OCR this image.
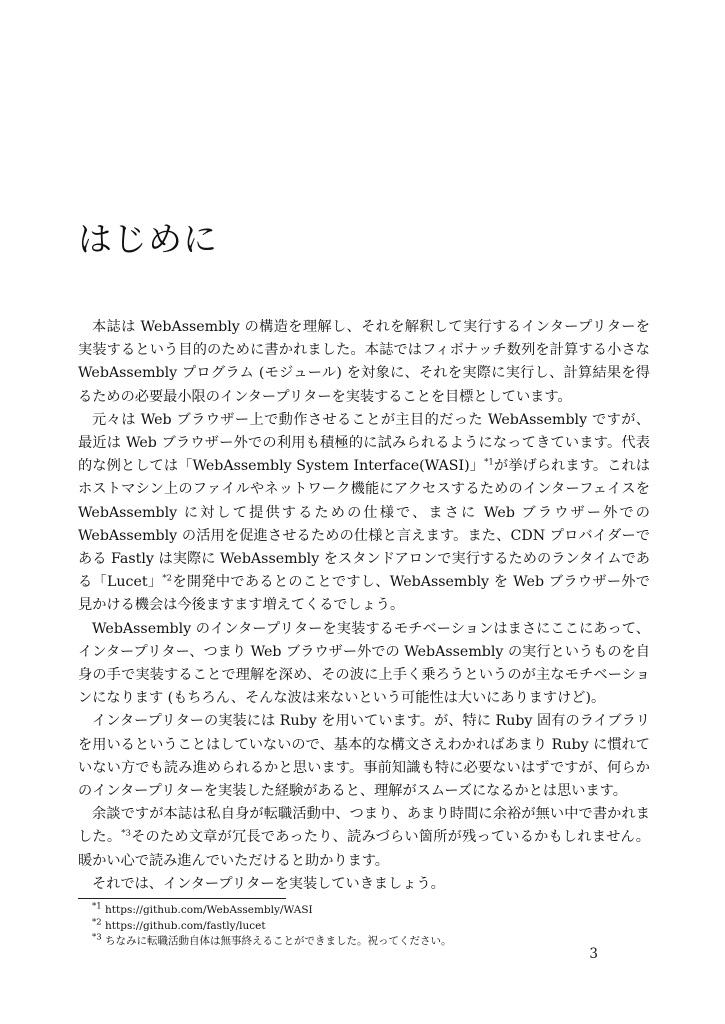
はじめに

本誌は WebAssembly の構造を理解し、それを解釈して実行するインタープリターを実装するという目的のために書かれました。本誌ではフィボナッチ数列を計算する小さな WebAssembly プログラム (モジュール) を対象に、それを実際に実行し、計算結果を得るための必要最小限のインタープリターを実装することを目標としています。

元々は Web ブラウザー上で動作させることが主目的だった WebAssembly ですが、最近は Web ブラウザー外での利用も積極的に試みられるようになってきています。代表的な例としては「WebAssembly System Interface(WASI)」$^{*1}$が挙げられます。これはホストマシン上のファイルやネットワーク機能にアクセスするためのインターフェイスを WebAssembly に対して提供するための仕様で、まさに Web ブラウザー外での WebAssembly の活用を促進させるための仕様と言えます。また、CDN プロバイダーである Fastly は実際に WebAssembly をスタンドアロンで実行するためのランタイムである「Lucet」$^{*2}$を開発中であるとのことですし、WebAssembly を Web ブラウザー外で見かける機会は今後ますます増えてくるでしょう。

WebAssembly のインタープリターを実装するモチベーションはまさにここにあって、インタープリター、つまり Web ブラウザー外での WebAssembly の実行というものを自身の手で実装することで理解を深め、その波に上手く乗ろうというのが主なモチベーションになります (もちろん、そんな波は来ないという可能性は大いにありますけど)。

インタープリターの実装には Ruby を用いています。が、特に Ruby 固有のライブラリを用いるということはしていないので、基本的な構文さえわかればあまり Ruby に慣れていない方でも読み進められるかと思います。事前知識も特に必要ないはずですが、何らかのインタープリターを実装した経験があると、理解がスムーズになるかとは思います。

余談ですが本誌は私自身が転職活動中、つまり、あまり時間に余裕が無い中で書かれました。$^{*3}$そのため文章が冗長であったり、読みづらい箇所が残っているかもしれません。暖かい心で読み進んでいただけると助かります。

それでは、インタープリターを実装していきましょう。

$^{*1}$ https://github.com/WebAssembly/WASI
$^{*2}$ https://github.com/fastly/lucet
$^{*3}$ ちなみに転職活動自体は無事終えることができました。祝ってください。
3
